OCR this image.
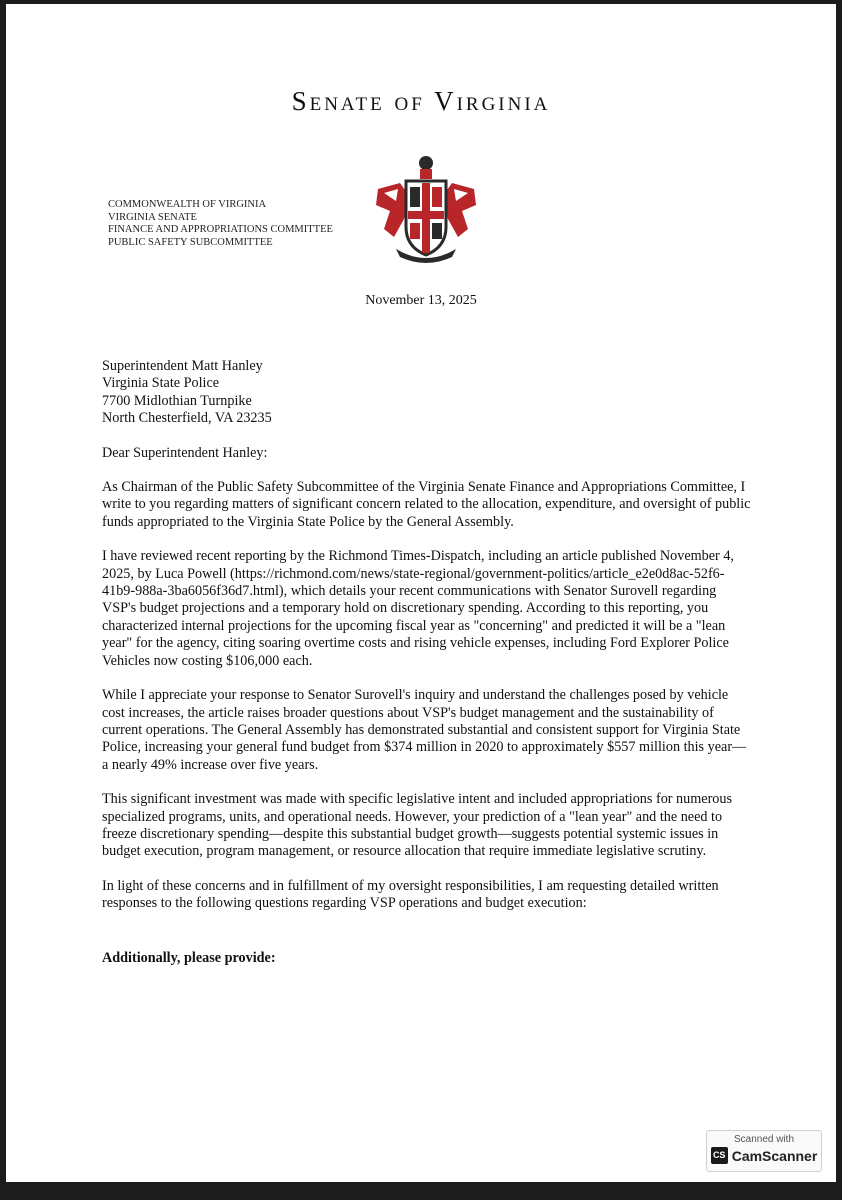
Senate of Virginia
COMMONWEALTH OF VIRGINIA
VIRGINIA SENATE
FINANCE AND APPROPRIATIONS COMMITTEE
PUBLIC SAFETY SUBCOMMITTEE
November 13, 2025
Superintendent Matt Hanley
Virginia State Police
7700 Midlothian Turnpike
North Chesterfield, VA 23235
Dear Superintendent Hanley:

As Chairman of the Public Safety Subcommittee of the Virginia Senate Finance and Appropriations Committee, I write to you regarding matters of significant concern related to the allocation, expenditure, and oversight of public funds appropriated to the Virginia State Police by the General Assembly.

I have reviewed recent reporting by the Richmond Times-Dispatch, including an article published November 4, 2025, by Luca Powell (https://richmond.com/news/state-regional/government-politics/article_e2e0d8ac-52f6-41b9-988a-3ba6056f36d7.html), which details your recent communications with Senator Surovell regarding VSP's budget projections and a temporary hold on discretionary spending. According to this reporting, you characterized internal projections for the upcoming fiscal year as "concerning" and predicted it will be a "lean year" for the agency, citing soaring overtime costs and rising vehicle expenses, including Ford Explorer Police Vehicles now costing $106,000 each.

While I appreciate your response to Senator Surovell's inquiry and understand the challenges posed by vehicle cost increases, the article raises broader questions about VSP's budget management and the sustainability of current operations. The General Assembly has demonstrated substantial and consistent support for Virginia State Police, increasing your general fund budget from $374 million in 2020 to approximately $557 million this year—a nearly 49% increase over five years.

This significant investment was made with specific legislative intent and included appropriations for numerous specialized programs, units, and operational needs. However, your prediction of a "lean year" and the need to freeze discretionary spending—despite this substantial budget growth—suggests potential systemic issues in budget execution, program management, or resource allocation that require immediate legislative scrutiny.

In light of these concerns and in fulfillment of my oversight responsibilities, I am requesting detailed written responses to the following questions regarding VSP operations and budget execution:

Additionally, please provide:
Scanned with
CS CamScanner
